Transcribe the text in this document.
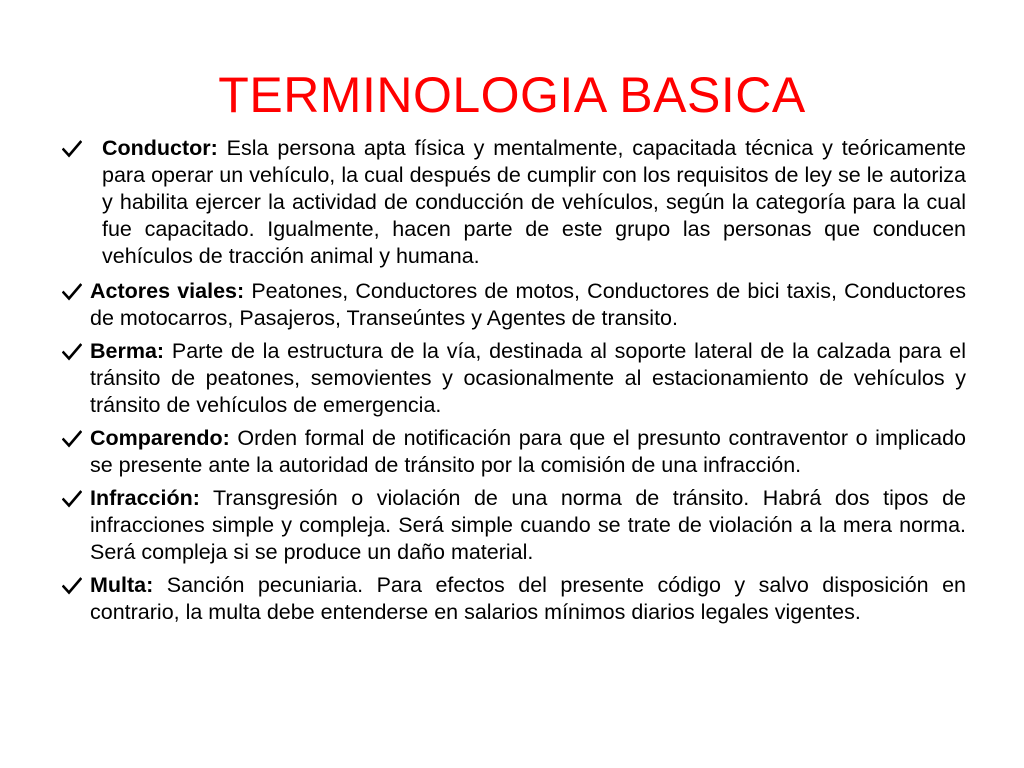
TERMINOLOGIA BASICA
Conductor: Esla persona apta física y mentalmente, capacitada técnica y teóricamente para operar un vehículo, la cual después de cumplir con los requisitos de ley se le autoriza y habilita ejercer la actividad de conducción de vehículos, según la categoría para la cual fue capacitado. Igualmente, hacen parte de este grupo las personas que conducen vehículos de tracción animal y humana.
Actores viales: Peatones, Conductores de motos, Conductores de bici taxis, Conductores de motocarros, Pasajeros, Transeúntes y Agentes de transito.
Berma: Parte de la estructura de la vía, destinada al soporte lateral de la calzada para el tránsito de peatones, semovientes y ocasionalmente al estacionamiento de vehículos y tránsito de vehículos de emergencia.
Comparendo: Orden formal de notificación para que el presunto contraventor o implicado se presente ante la autoridad de tránsito por la comisión de una infracción.
Infracción: Transgresión o violación de una norma de tránsito. Habrá dos tipos de infracciones simple y compleja. Será simple cuando se trate de violación a la mera norma. Será compleja si se produce un daño material.
Multa: Sanción pecuniaria. Para efectos del presente código y salvo disposición en contrario, la multa debe entenderse en salarios mínimos diarios legales vigentes.
